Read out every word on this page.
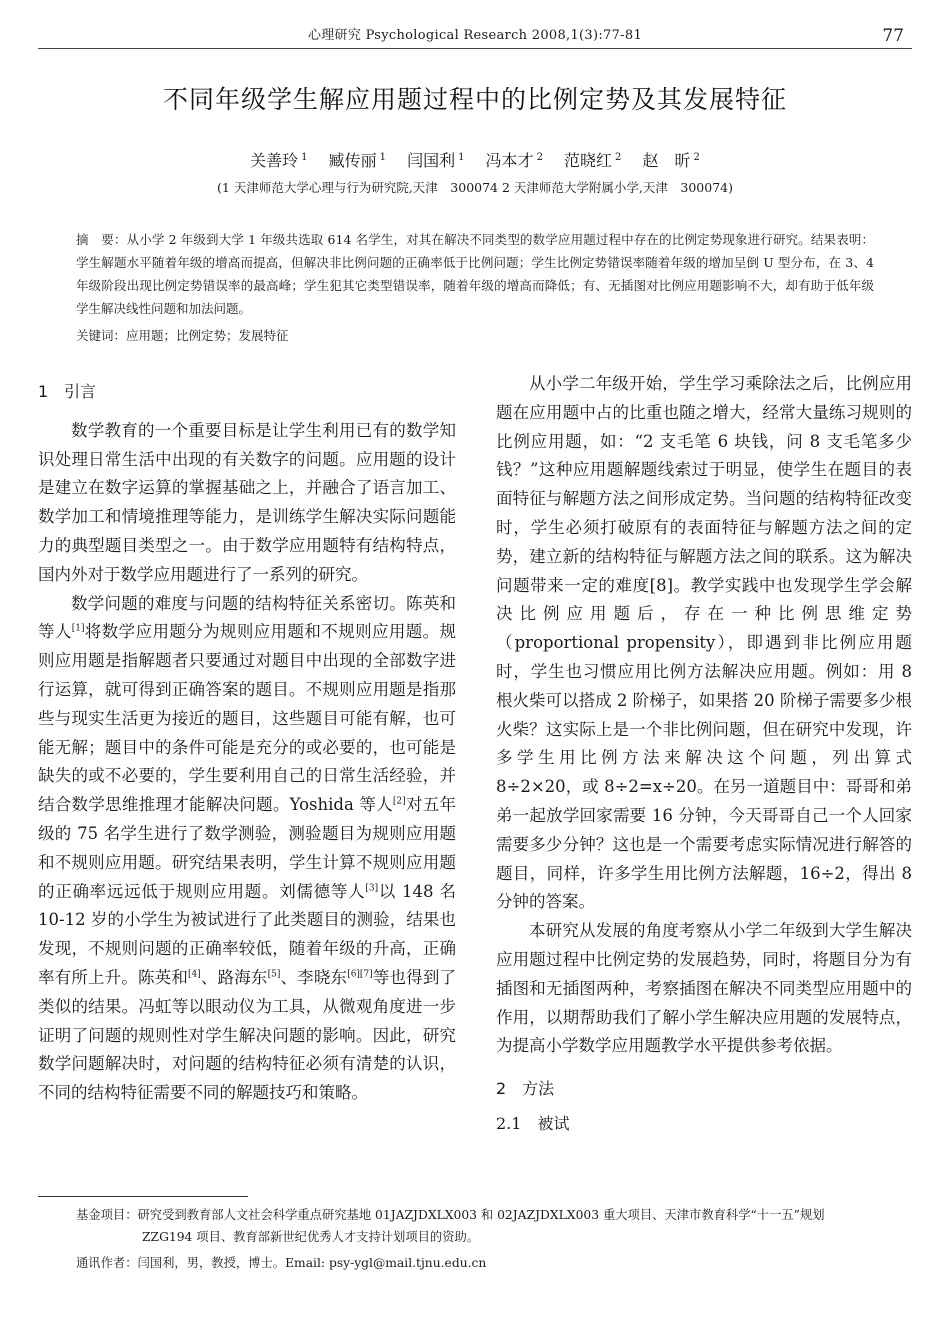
心理研究 Psychological Research 2008,1(3):77-81	77
不同年级学生解应用题过程中的比例定势及其发展特征
关善玲 $^1$ 臧传丽 $^1$ 闫国利 $^1$ 冯本才 $^2$ 范晓红 $^2$ 赵　昕 $^2$
(1 天津师范大学心理与行为研究院,天津　300074 2 天津师范大学附属小学,天津　300074)
摘　要：从小学 2 年级到大学 1 年级共选取 614 名学生，对其在解决不同类型的数学应用题过程中存在的比例定势现象进行研究。结果表明：学生解题水平随着年级的增高而提高，但解决非比例问题的正确率低于比例问题；学生比例定势错误率随着年级的增加呈倒 U 型分布，在 3、4 年级阶段出现比例定势错误率的最高峰；学生犯其它类型错误率，随着年级的增高而降低；有、无插图对比例应用题影响不大，却有助于低年级学生解决线性问题和加法问题。
关键词：应用题；比例定势；发展特征
1　引言

数学教育的一个重要目标是让学生利用已有的数学知识处理日常生活中出现的有关数字的问题。应用题的设计是建立在数字运算的掌握基础之上，并融合了语言加工、数学加工和情境推理等能力，是训练学生解决实际问题能力的典型题目类型之一。由于数学应用题特有结构特点，国内外对于数学应用题进行了一系列的研究。

数学问题的难度与问题的结构特征关系密切。陈英和等人[1]将数学应用题分为规则应用题和不规则应用题。规则应用题是指解题者只要通过对题目中出现的全部数字进行运算，就可得到正确答案的题目。不规则应用题是指那些与现实生活更为接近的题目，这些题目可能有解，也可能无解；题目中的条件可能是充分的或必要的，也可能是缺失的或不必要的，学生要利用自己的日常生活经验，并结合数学思维推理才能解决问题。Yoshida 等人[2]对五年级的 75 名学生进行了数学测验，测验题目为规则应用题和不规则应用题。研究结果表明，学生计算不规则应用题的正确率远远低于规则应用题。刘儒德等人[3]以 148 名 10-12 岁的小学生为被试进行了此类题目的测验，结果也发现，不规则问题的正确率较低，随着年级的升高，正确率有所上升。陈英和[4]、路海东[5]、李晓东[6][7]等也得到了类似的结果。冯虹等以眼动仪为工具，从微观角度进一步证明了问题的规则性对学生解决问题的影响。因此，研究数学问题解决时，对问题的结构特征必须有清楚的认识，不同的结构特征需要不同的解题技巧和策略。

从小学二年级开始，学生学习乘除法之后，比例应用题在应用题中占的比重也随之增大，经常大量练习规则的比例应用题，如：“2 支毛笔 6 块钱，问 8 支毛笔多少钱？”这种应用题解题线索过于明显，使学生在题目的表面特征与解题方法之间形成定势。当问题的结构特征改变时，学生必须打破原有的表面特征与解题方法之间的定势，建立新的结构特征与解题方法之间的联系。这为解决问题带来一定的难度[8]。教学实践中也发现学生学会解决比例应用题后，存在一种比例思维定势（proportional propensity），即遇到非比例应用题时，学生也习惯应用比例方法解决应用题。例如：用 8 根火柴可以搭成 2 阶梯子，如果搭 20 阶梯子需要多少根火柴？这实际上是一个非比例问题，但在研究中发现，许多学生用比例方法来解决这个问题，列出算式 8÷2×20，或 8÷2=x÷20。在另一道题目中：哥哥和弟弟一起放学回家需要 16 分钟，今天哥哥自己一个人回家需要多少分钟？这也是一个需要考虑实际情况进行解答的题目，同样，许多学生用比例方法解题，16÷2，得出 8 分钟的答案。

本研究从发展的角度考察从小学二年级到大学生解决应用题过程中比例定势的发展趋势，同时，将题目分为有插图和无插图两种，考察插图在解决不同类型应用题中的作用，以期帮助我们了解小学生解决应用题的发展特点，为提高小学数学应用题教学水平提供参考依据。

2　方法
2.1　被试
基金项目：研究受到教育部人文社会科学重点研究基地 01JAZJDXLX003 和 02JAZJDXLX003 重大项目、天津市教育科学“十一五”规划
ZZG194 项目、教育部新世纪优秀人才支持计划项目的资助。
通讯作者：闫国利，男，教授，博士。Email: psy-ygl@mail.tjnu.edu.cn
